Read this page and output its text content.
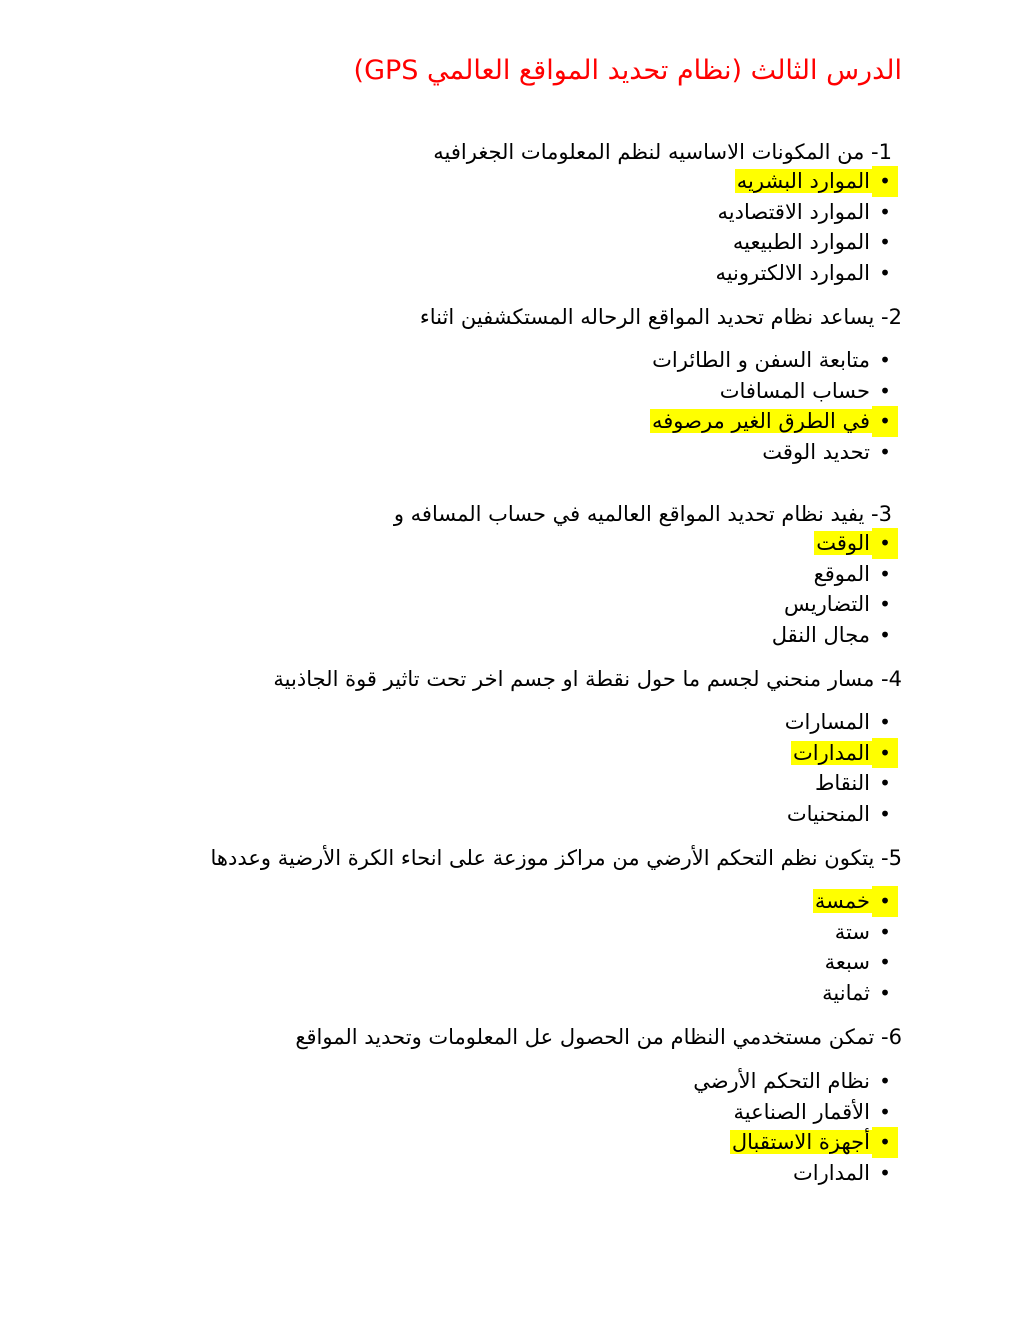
الدرس الثالث (نظام تحديد المواقع العالمي GPS)
1- من المكونات الاساسيه لنظم المعلومات الجغرافيه
•
الموارد البشريه
•
الموارد الاقتصاديه
•
الموارد الطبيعيه
•
الموارد الالكترونيه
2- يساعد نظام تحديد المواقع الرحاله المستكشفين اثناء
•
متابعة السفن و الطائرات
•
حساب المسافات
•
في الطرق الغير مرصوفه
•
تحديد الوقت
3- يفيد نظام تحديد المواقع العالميه في حساب المسافه و
•
الوقت
•
الموقع
•
التضاريس
•
مجال النقل
4- مسار منحني لجسم ما حول نقطة او جسم اخر تحت تاثير قوة الجاذبية
•
المسارات
•
المدارات
•
النقاط
•
المنحنيات
5- يتكون نظم التحكم الأرضي من مراكز موزعة على انحاء الكرة الأرضية وعددها
•
خمسة
•
ستة
•
سبعة
•
ثمانية
6- تمكن مستخدمي النظام من الحصول عل المعلومات وتحديد المواقع
•
نظام التحكم الأرضي
•
الأقمار الصناعية
•
أجهزة الاستقبال
•
المدارات
